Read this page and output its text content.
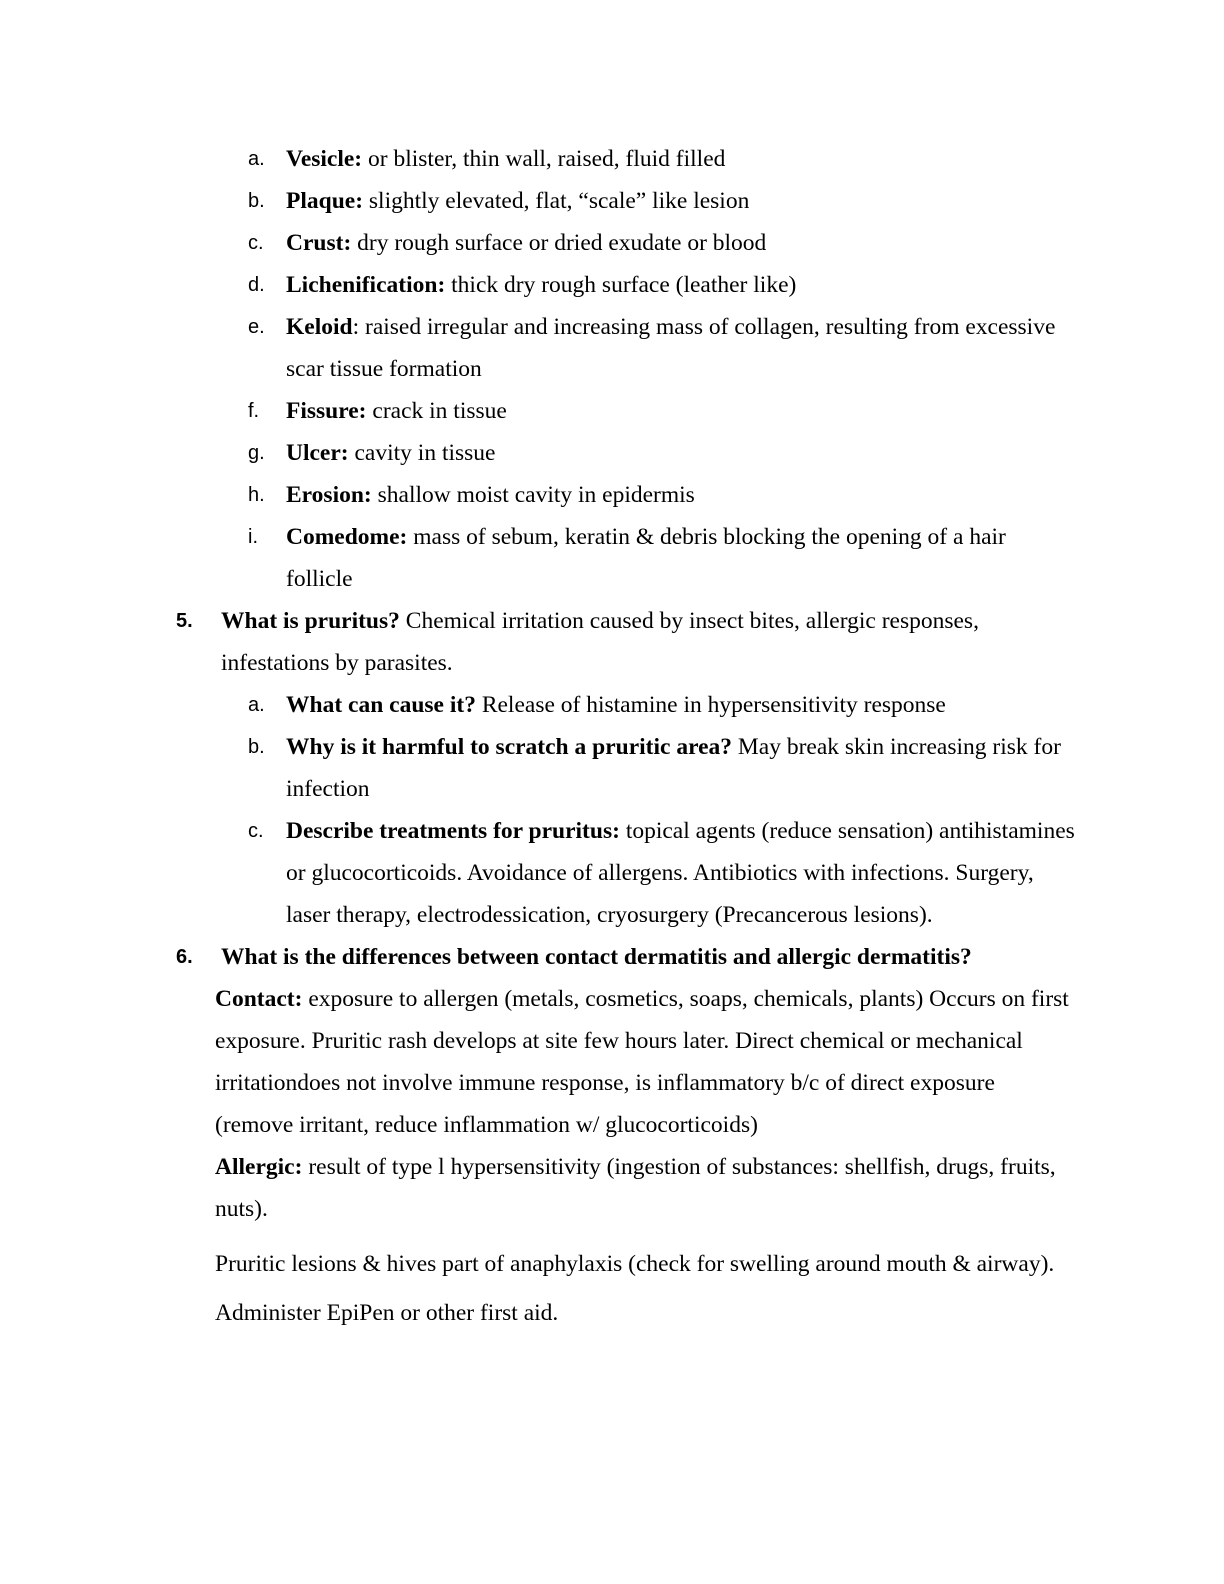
a. Vesicle: or blister, thin wall, raised, fluid filled
b. Plaque: slightly elevated, flat, “scale” like lesion
c. Crust: dry rough surface or dried exudate or blood
d. Lichenification: thick dry rough surface (leather like)
e. Keloid: raised irregular and increasing mass of collagen, resulting from excessive scar tissue formation
f. Fissure: crack in tissue
g. Ulcer: cavity in tissue
h. Erosion: shallow moist cavity in epidermis
i. Comedome: mass of sebum, keratin & debris blocking the opening of a hair follicle
5. What is pruritus? Chemical irritation caused by insect bites, allergic responses, infestations by parasites.
a. What can cause it? Release of histamine in hypersensitivity response
b. Why is it harmful to scratch a pruritic area? May break skin increasing risk for infection
c. Describe treatments for pruritus: topical agents (reduce sensation) antihistamines or glucocorticoids. Avoidance of allergens. Antibiotics with infections. Surgery, laser therapy, electrodessication, cryosurgery (Precancerous lesions).
6. What is the differences between contact dermatitis and allergic dermatitis?
Contact: exposure to allergen (metals, cosmetics, soaps, chemicals, plants) Occurs on first exposure. Pruritic rash develops at site few hours later. Direct chemical or mechanical irritationdoes not involve immune response, is inflammatory b/c of direct exposure (remove irritant, reduce inflammation w/ glucocorticoids)
Allergic: result of type l hypersensitivity (ingestion of substances: shellfish, drugs, fruits, nuts).
Pruritic lesions & hives part of anaphylaxis (check for swelling around mouth & airway).
Administer EpiPen or other first aid.
